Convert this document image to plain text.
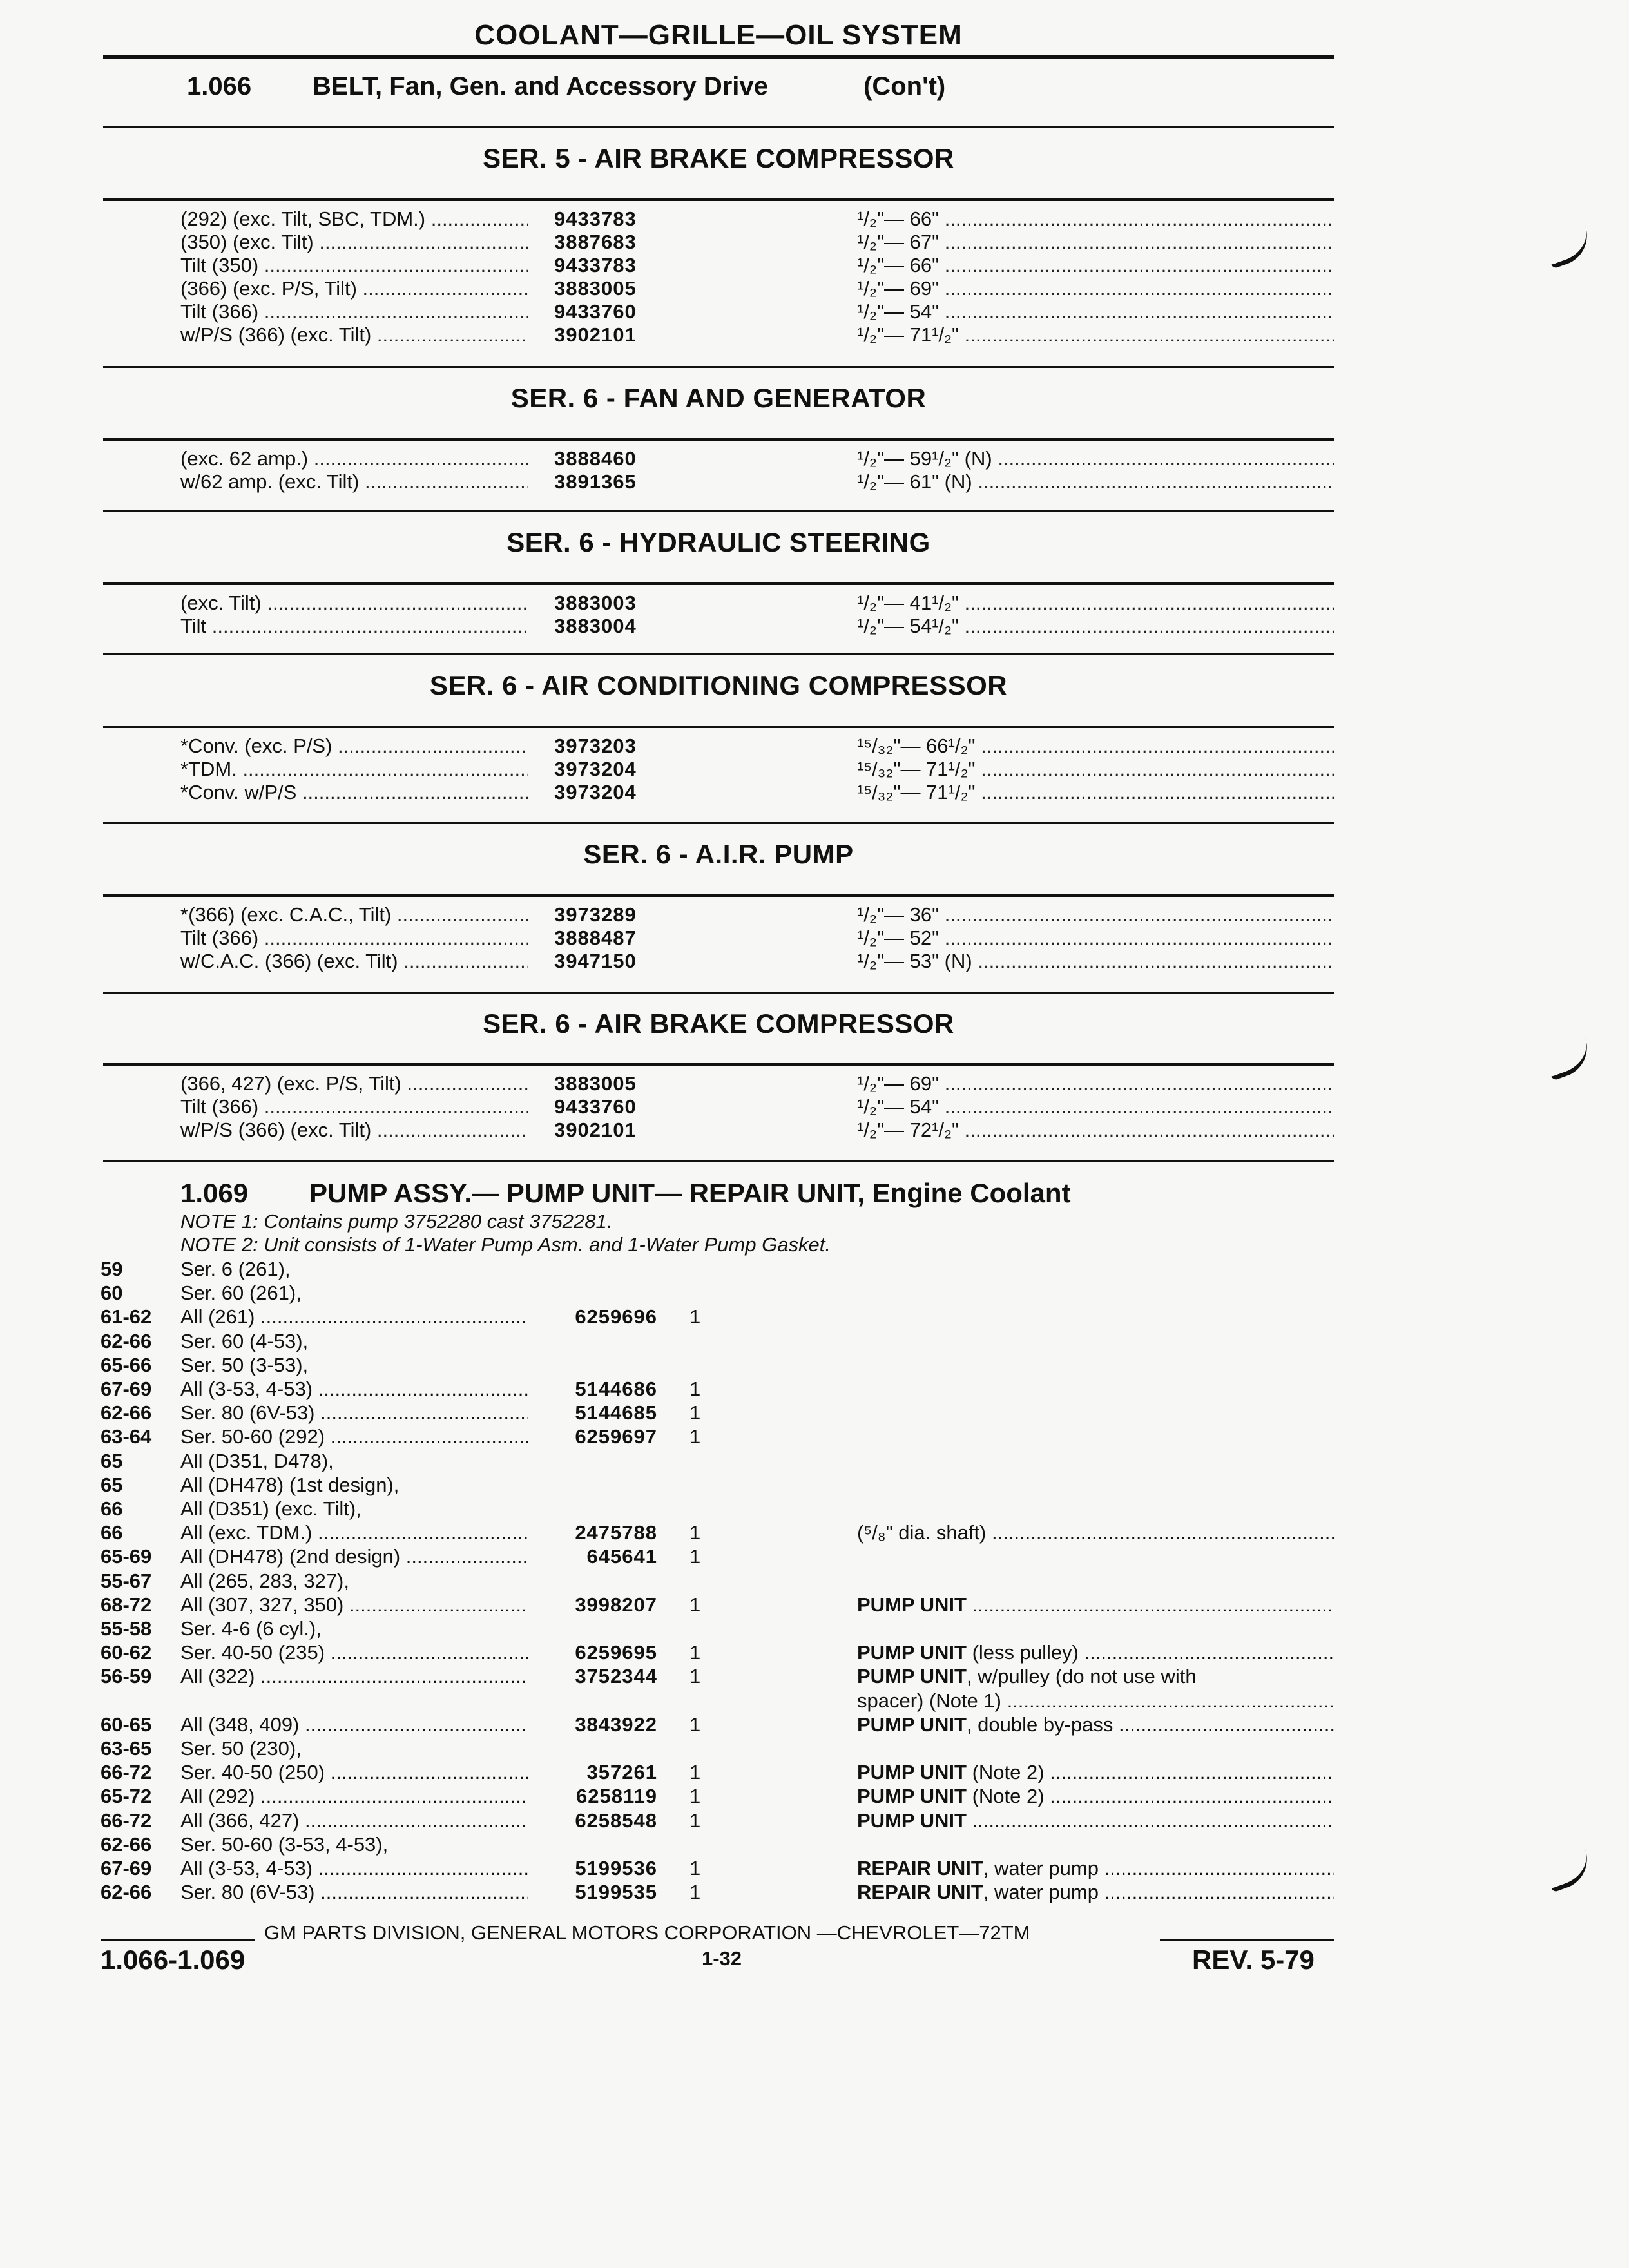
COOLANT—GRILLE—OIL SYSTEM
1.066 BELT, Fan, Gen. and Accessory Drive	(Con't)
SER. 5 - AIR BRAKE COMPRESSOR
(292) (exc. Tilt, SBC, TDM.) .....	9433783	¹/₂"— 66" .....
(350) (exc. Tilt) .....	3887683	¹/₂"— 67" .....
Tilt (350) .....	9433783	¹/₂"— 66" .....
(366) (exc. P/S, Tilt) .....	3883005	¹/₂"— 69" .....
Tilt (366) .....	9433760	¹/₂"— 54" .....
w/P/S (366) (exc. Tilt) .....	3902101	¹/₂"— 71¹/₂" .....
SER. 6 - FAN AND GENERATOR
(exc. 62 amp.) .....	3888460	¹/₂"— 59¹/₂" (N) .....
w/62 amp. (exc. Tilt) .....	3891365	¹/₂"— 61" (N) .....
SER. 6 - HYDRAULIC STEERING
(exc. Tilt) .....	3883003	¹/₂"— 41¹/₂" .....
Tilt .....	3883004	¹/₂"— 54¹/₂" .....
SER. 6 - AIR CONDITIONING COMPRESSOR
*Conv. (exc. P/S) .....	3973203	¹⁵/₃₂"— 66¹/₂" .....
*TDM. .....	3973204	¹⁵/₃₂"— 71¹/₂" .....
*Conv. w/P/S .....	3973204	¹⁵/₃₂"— 71¹/₂" .....
SER. 6 - A.I.R. PUMP
*(366) (exc. C.A.C., Tilt) .....	3973289	¹/₂"— 36" .....
Tilt (366) .....	3888487	¹/₂"— 52" .....
w/C.A.C. (366) (exc. Tilt) .....	3947150	¹/₂"— 53" (N) .....
SER. 6 - AIR BRAKE COMPRESSOR
(366, 427) (exc. P/S, Tilt) .....	3883005	¹/₂"— 69" .....
Tilt (366) .....	9433760	¹/₂"— 54" .....
w/P/S (366) (exc. Tilt) .....	3902101	¹/₂"— 72¹/₂" .....
1.069 PUMP ASSY.— PUMP UNIT— REPAIR UNIT, Engine Coolant
NOTE 1: Contains pump 3752280 cast 3752281.
NOTE 2: Unit consists of 1-Water Pump Asm. and 1-Water Pump Gasket.
59	Ser. 6 (261),
60	Ser. 60 (261),
61-62	All (261) .....	6259696 1
62-66	Ser. 60 (4-53),
65-66	Ser. 50 (3-53),
67-69	All (3-53, 4-53) .....	5144686 1
62-66	Ser. 80 (6V-53) .....	5144685 1
63-64	Ser. 50-60 (292) .....	6259697 1
65	All (D351, D478),
65	All (DH478) (1st design),
66	All (D351) (exc. Tilt),
66	All (exc. TDM.) .....	2475788 1	(⁵/₈" dia. shaft) .....
65-69	All (DH478) (2nd design) .....	645641 1
55-67	All (265, 283, 327),
68-72	All (307, 327, 350) .....	3998207 1	PUMP UNIT .....
55-58	Ser. 4-6 (6 cyl.),
60-62	Ser. 40-50 (235) .....	6259695 1	PUMP UNIT (less pulley) .....
56-59	All (322) .....	3752344 1	PUMP UNIT, w/pulley (do not use with
spacer) (Note 1) .....
60-65	All (348, 409) .....	3843922 1	PUMP UNIT, double by-pass .....
63-65	Ser. 50 (230),
66-72	Ser. 40-50 (250) .....	357261 1	PUMP UNIT (Note 2) .....
65-72	All (292) .....	6258119 1	PUMP UNIT (Note 2) .....
66-72	All (366, 427) .....	6258548 1	PUMP UNIT .....
62-66	Ser. 50-60 (3-53, 4-53),
67-69	All (3-53, 4-53) .....	5199536 1	REPAIR UNIT, water pump .....
62-66	Ser. 80 (6V-53) .....	5199535 1	REPAIR UNIT, water pump .....
GM PARTS DIVISION, GENERAL MOTORS CORPORATION —CHEVROLET—72TM
1.066-1.069	1-32	REV. 5-79
